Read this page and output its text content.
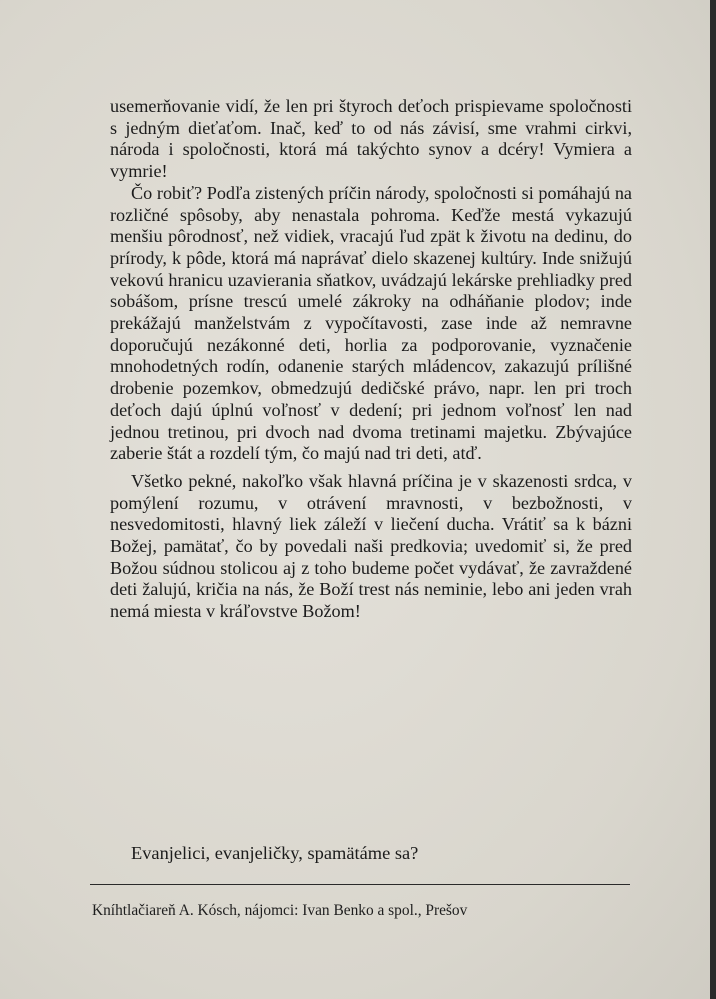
usemerňovanie vidí, že len pri štyroch deťoch prispievame spoločnosti s jedným dieťaťom. Inač, keď to od nás závisí, sme vrahmi cirkvi, národa i spoločnosti, ktorá má takýchto synov a dcéry! Vymiera a vymrie!

Čo robiť? Podľa zistených príčin národy, spoločnosti si pomáhajú na rozličné spôsoby, aby nenastala pohroma. Keďže mestá vykazujú menšiu pôrodnosť, než vidiek, vracajú ľud zpät k životu na dedinu, do prírody, k pôde, ktorá má naprávať dielo skazenej kultúry. Inde snižujú vekovú hranicu uzavierania sňatkov, uvádzajú lekárske prehliadky pred sobášom, prísne trescú umelé zákroky na odháňanie plodov; inde prekážajú manželstvám z vypočítavosti, zase inde až nemravne doporučujú nezákonné deti, horlia za podporovanie, vyznačenie mnohodetných rodín, odanenie starých mládencov, zakazujú prílišné drobenie pozemkov, obmedzujú dedičské právo, napr. len pri troch deťoch dajú úplnú voľnosť v dedení; pri jednom voľnosť len nad jednou tretinou, pri dvoch nad dvoma tretinami majetku. Zbývajúce zaberie štát a rozdelí tým, čo majú nad tri deti, atď.

Všetko pekné, nakoľko však hlavná príčina je v skazenosti srdca, v pomýlení rozumu, v otrávení mravnosti, v bezbožnosti, v nesvedomitosti, hlavný liek záleží v liečení ducha. Vrátiť sa k bázni Božej, pamätať, čo by povedali naši predkovia; uvedomiť si, že pred Božou súdnou stolicou aj z toho budeme počet vydávať, že zavraždené deti žalujú, kričia na nás, že Boží trest nás neminie, lebo ani jeden vrah nemá miesta v kráľovstve Božom!

Evanjelici, evanjeličky, spamätáme sa?
Kníhtlačiareň A. Kósch, nájomci: Ivan Benko a spol., Prešov
